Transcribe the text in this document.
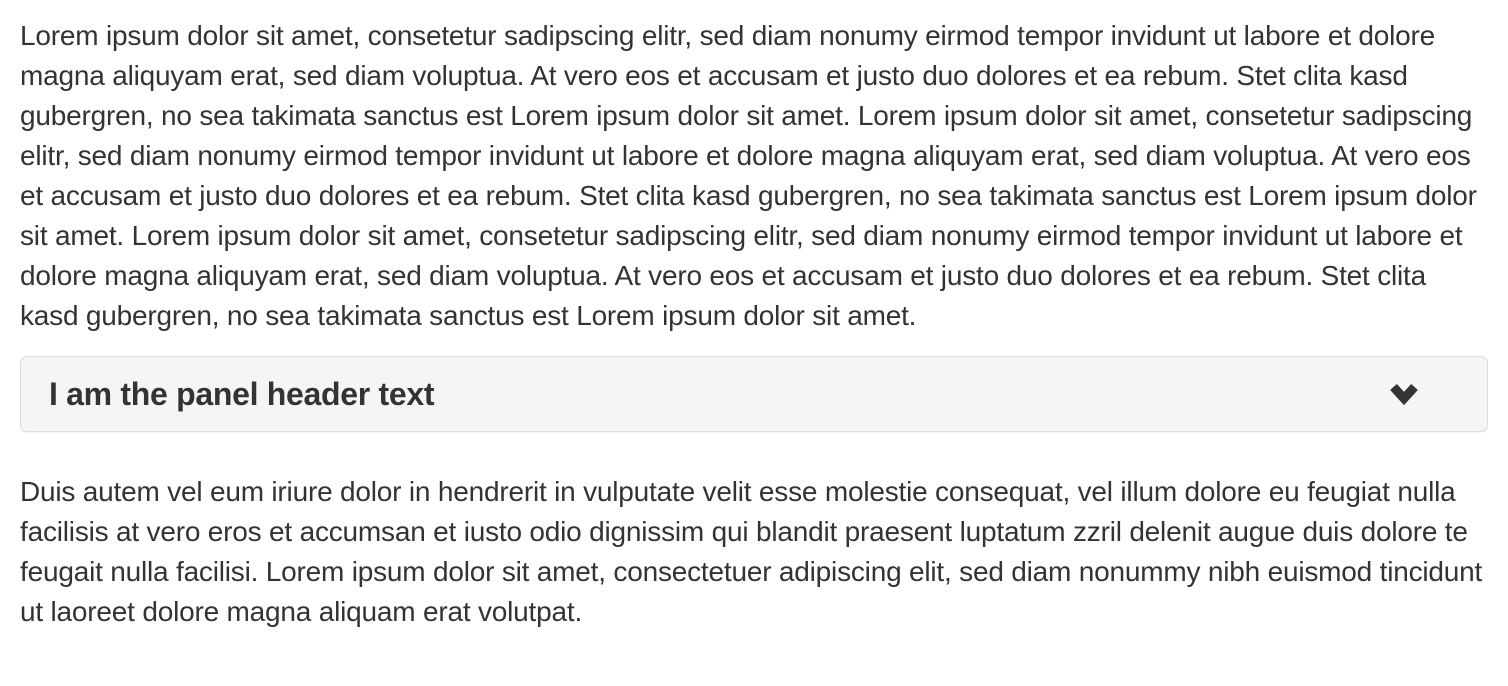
Lorem ipsum dolor sit amet, consetetur sadipscing elitr, sed diam nonumy eirmod tempor invidunt ut labore et dolore magna aliquyam erat, sed diam voluptua. At vero eos et accusam et justo duo dolores et ea rebum. Stet clita kasd gubergren, no sea takimata sanctus est Lorem ipsum dolor sit amet. Lorem ipsum dolor sit amet, consetetur sadipscing elitr, sed diam nonumy eirmod tempor invidunt ut labore et dolore magna aliquyam erat, sed diam voluptua. At vero eos et accusam et justo duo dolores et ea rebum. Stet clita kasd gubergren, no sea takimata sanctus est Lorem ipsum dolor sit amet. Lorem ipsum dolor sit amet, consetetur sadipscing elitr, sed diam nonumy eirmod tempor invidunt ut labore et dolore magna aliquyam erat, sed diam voluptua. At vero eos et accusam et justo duo dolores et ea rebum. Stet clita kasd gubergren, no sea takimata sanctus est Lorem ipsum dolor sit amet.

I am the panel header text

Duis autem vel eum iriure dolor in hendrerit in vulputate velit esse molestie consequat, vel illum dolore eu feugiat nulla facilisis at vero eros et accumsan et iusto odio dignissim qui blandit praesent luptatum zzril delenit augue duis dolore te feugait nulla facilisi. Lorem ipsum dolor sit amet, consectetuer adipiscing elit, sed diam nonummy nibh euismod tincidunt ut laoreet dolore magna aliquam erat volutpat.
